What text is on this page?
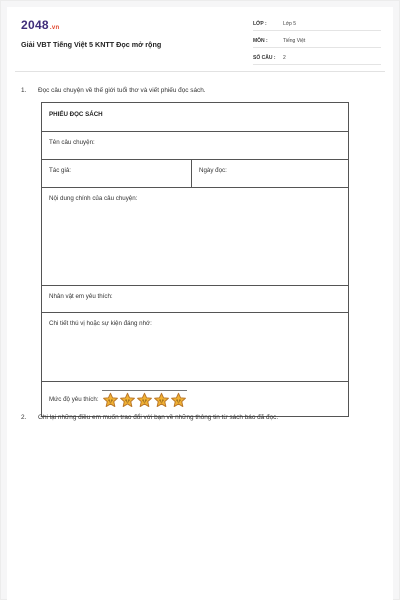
2048.vn
Giải VBT Tiếng Việt 5 KNTT Đọc mở rộng
LỚP :	Lớp 5
MÔN :	Tiếng Việt
SỐ CÂU :	2
1.	Đọc câu chuyện về thế giới tuổi thơ và viết phiếu đọc sách.
PHIẾU ĐỌC SÁCH
Tên câu chuyện:
Tác giả:	Ngày đọc:
Nội dung chính của câu chuyện:
Nhân vật em yêu thích:
Chi tiết thú vị hoặc sự kiện đáng nhớ:
Mức độ yêu thích:
2.	Ghi lại những điều em muốn trao đổi với bạn về những thông tin từ sách báo đã đọc.
